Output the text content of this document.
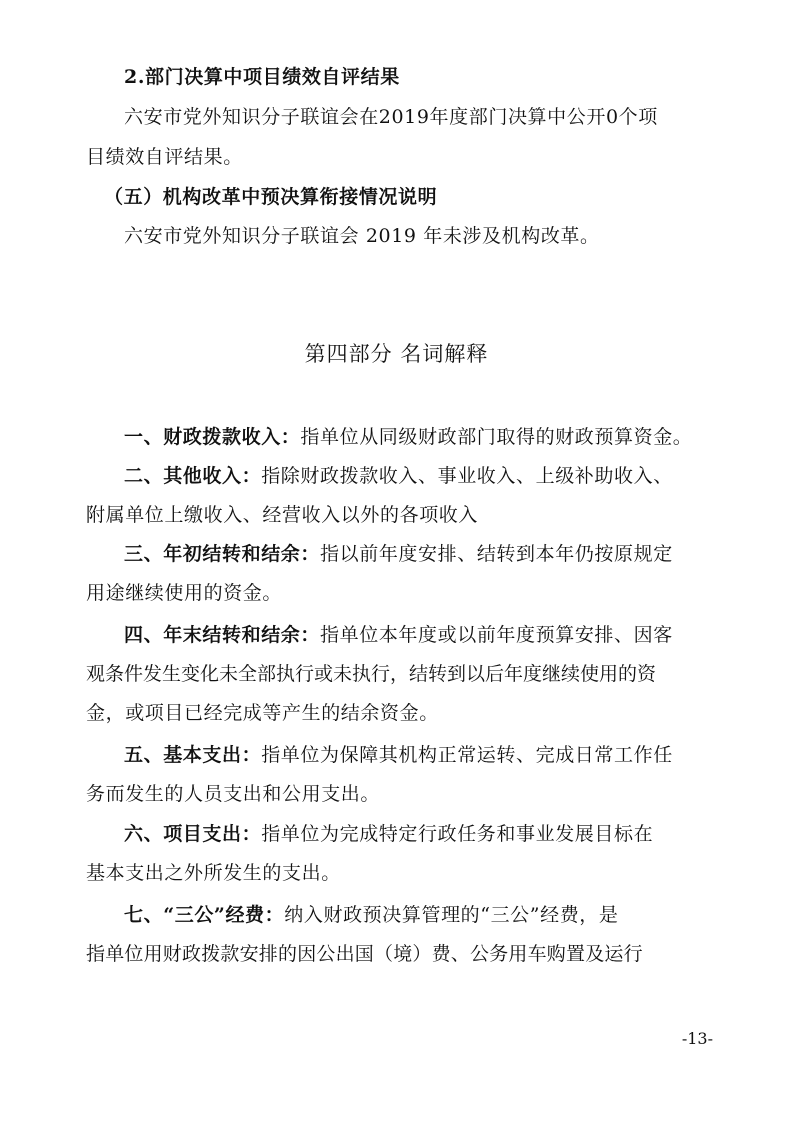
2.部门决算中项目绩效自评结果
六安市党外知识分子联谊会在2019年度部门决算中公开0个项
目绩效自评结果。
（五）机构改革中预决算衔接情况说明
六安市党外知识分子联谊会 2019 年未涉及机构改革。
第四部分 名词解释
一、财政拨款收入：指单位从同级财政部门取得的财政预算资金。
二、其他收入：指除财政拨款收入、事业收入、上级补助收入、
附属单位上缴收入、经营收入以外的各项收入
三、年初结转和结余：指以前年度安排、结转到本年仍按原规定
用途继续使用的资金。
四、年末结转和结余：指单位本年度或以前年度预算安排、因客
观条件发生变化未全部执行或未执行，结转到以后年度继续使用的资
金，或项目已经完成等产生的结余资金。
五、基本支出：指单位为保障其机构正常运转、完成日常工作任
务而发生的人员支出和公用支出。
六、项目支出：指单位为完成特定行政任务和事业发展目标在
基本支出之外所发生的支出。
七、“三公”经费：纳入财政预决算管理的“三公”经费，是
指单位用财政拨款安排的因公出国（境）费、公务用车购置及运行
-13-
